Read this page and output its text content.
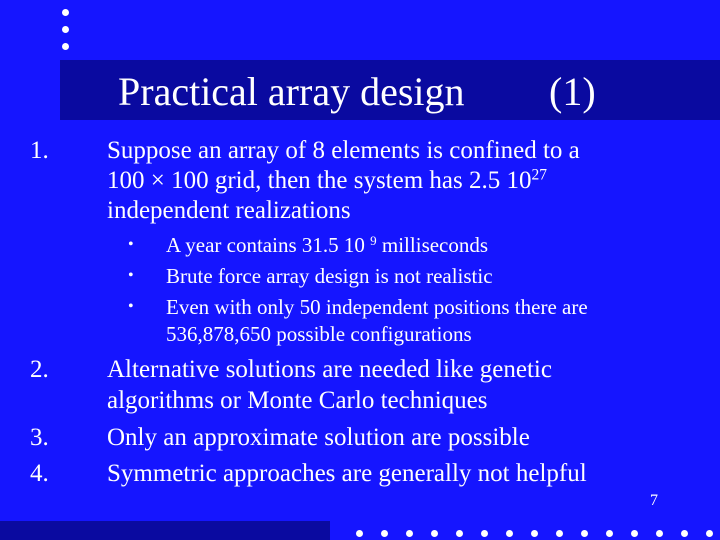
Practical array design (1)
1. Suppose an array of 8 elements is confined to a
100 × 100 grid, then the system has 2.5 $10^{27}$
independent realizations
• A year contains 31.5 10 $^9$ milliseconds
• Brute force array design is not realistic
• Even with only 50 independent positions there are
536,878,650 possible configurations
2. Alternative solutions are needed like genetic
algorithms or Monte Carlo techniques
3. Only an approximate solution are possible
4. Symmetric approaches are generally not helpful
7
